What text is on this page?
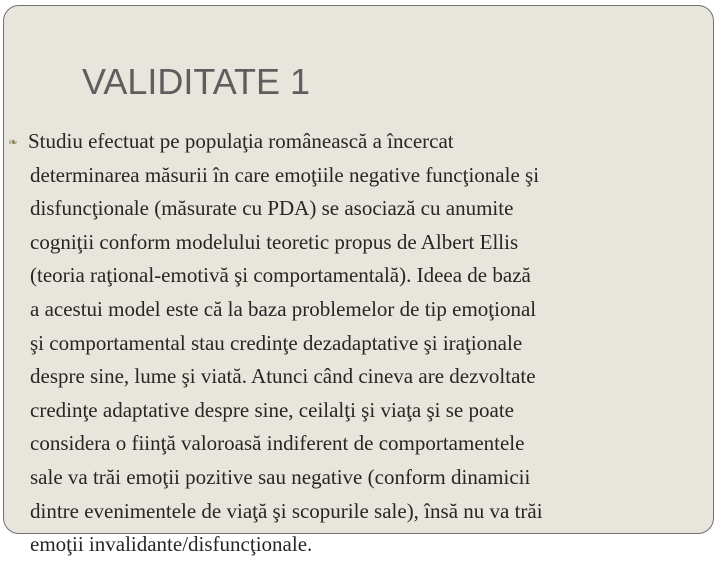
VALIDITATE 1
❧ Studiu efectuat pe populaţia românească a încercat
determinarea măsurii în care emoţiile negative funcţionale şi
disfuncţionale (măsurate cu PDA) se asociază cu anumite
cogniţii conform modelului teoretic propus de Albert Ellis
(teoria raţional-emotivă şi comportamentală). Ideea de bază
a acestui model este că la baza problemelor de tip emoţional
şi comportamental stau credinţe dezadaptative şi iraţionale
despre sine, lume şi viată. Atunci când cineva are dezvoltate
credinţe adaptative despre sine, ceilalţi şi viaţa şi se poate
considera o fiinţă valoroasă indiferent de comportamentele
sale va trăi emoţii pozitive sau negative (conform dinamicii
dintre evenimentele de viaţă şi scopurile sale), însă nu va trăi
emoţii invalidante/disfuncţionale.
